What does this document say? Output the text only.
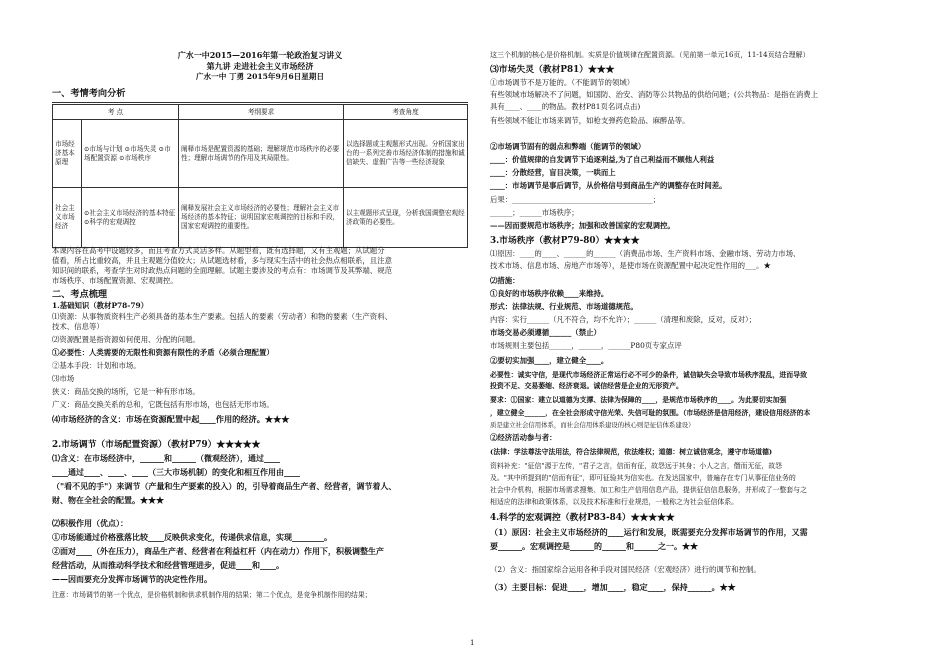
广水一中2015—2016年第一轮政治复习讲义
第九讲 走进社会主义市场经济
广水一中 丁勇 2015年9月6日星期日
一、考情考向分析
考 点		考纲要求	考查角度
市场经济基本原理	⊙市场与计划 ⊙市场失灵 ⊙市场配置资源 ⊙市场秩序	阐释市场是配置资源的基础；理解规范市场秩序的必要性；理解市场调节的作用及其局限性。	以选择题或主观题形式出现。分析国家出台的一系列完善市场经济体制的措施和诚信缺失、虚假广告等一些经济现象
社会主义市场经济	⊙社会主义市场经济的基本特征 ⊙科学的宏观调控	阐释发展社会主义市场经济的必要性；理解社会主义市场经济的基本特征；说明国家宏观调控的目标和手段，国家宏观调控的重要性。	以主观题形式呈现，分析我国调整宏观经济政策的必要性。
本课内容在高考中设题较多，而且考查方式灵活多样。从题型看，既有选择题，又有主观题；从试题分
值看，所占比重较高，并且主观题分值较大；从试题选材看，多与现实生活中的社会热点相联系，且注意
知识间的联系，考查学生对时政热点问题的全面理解。试题主要涉及的考点有：市场调节及其弊端、规范
市场秩序、市场配置资源、宏观调控。
二、考点梳理
1.基础知识（教材P78-79）
⑴资源：从事物质资料生产必须具备的基本生产要素。包括人的要素（劳动者）和物的要素（生产资料、
技术、信息等）
⑵资源配置是指资源如何使用、分配的问题。
①必要性：人类需要的无限性和资源有限性的矛盾（必须合理配置）
②基本手段：计划和市场。
⑶市场
狭义：商品交换的场所，它是一种有形市场。
广义：商品交换关系的总和，它既包括有形市场，也包括无形市场。
⑷市场经济的含义：市场在资源配置中起____作用的经济。★★★
2.市场调节（市场配置资源）（教材P79）★★★★★
⑴含义：在市场经济中，______和______（微观经济），通过____
____通过____、____、____（三大市场机制）的变化和相互作用由____
（"看不见的手"）来调节（产量和生产要素的投入）的，引导着商品生产者、经营者，调节着人、
财、物在全社会的配置。★★★
⑵积极作用（优点）：
①市场能通过价格涨落比较____反映供求变化，传递供求信息，实现________。
②面对____（外在压力），商品生产者、经营者在利益杠杆（内在动力）作用下，积极调整生产
经营活动，从而推动科学技术和经营管理进步，促进____和____。
——因而要充分发挥市场调节的决定性作用。
注意：市场调节的第一个优点，是价格机制和供求机制作用的结果；第二个优点，是竞争机制作用的结果；
这三个机制的核心是价格机制。实质是价值规律在配置资源。（见前第一单元16页，11-14页结合理解）
⑶市场失灵（教材P81）★★★
①市场调节不是万能的。（不能调节的领域）
有些领域市场解决不了问题，如国防、治安、消防等公共物品的供给问题；(公共物品：是指在消费上
具有____、____的物品。教材P81页名词点击)
有些领域不能让市场来调节，如枪支弹药危险品、麻醉品等。
②市场调节固有的弱点和弊端（能调节的领域）
____：价值规律的自发调节下追逐利益,为了自己利益而不顾他人利益
____：分散经营，盲目决策，一哄而上
____：市场调节是事后调节，从价格信号到商品生产的调整存在时间差。
后果：______________________________________；
______；______市场秩序；
——因而要规范市场秩序；加强和改善国家的宏观调控。
3.市场秩序（教材P79-80）★★★★
⑴原因：____的____、______的______（消费品市场、生产资料市场、金融市场、劳动力市场、
技术市场、信息市场、房地产市场等），是使市场在资源配置中起决定性作用的___。★
⑵措施：
①良好的市场秩序依赖____来维持。
形式：法律法规、行业规范、市场道德规范。
内容：实行______（凡不符合，均不允许）；______（清理和废除，反对，反对）；
市场交易必须遵循______（禁止）
市场规则主要包括______，______，______P80页专家点评
②要切实加强____，建立健全____。
必要性：诚实守信，是现代市场经济正常运行必不可少的条件，诚信缺失会导致市场秩序混乱，进而导致
投资不足、交易萎缩、经济衰退。诚信经营是企业的无形资产。
要求：①国家：建立以道德为支撑、法律为保障的____，是规范市场秩序的____。为此要切实加强
，建立健全______，在全社会形成守信光荣、失信可耻的氛围。（市场经济是信用经济，建设信用经济的本
质是建立社会信用体系，而社会信用体系建设的核心则是征信体系建设）
②经济活动参与者：
(法律：学法尊法守法用法，符合法律规范，依法维权；道德：树立诚信观念，遵守市场道德)
资料补充："征信"源于左传，"君子之言，信而有征，故怨远于其身；小人之言，僭而无征，故怨
及。"其中所提到的"信而有征"，即可征验其为信实也。在发达国家中，普遍存在专门从事征信业务的
社会中介机构，根据市场需求搜集、加工和生产信用信息产品，提供征信信息服务，并形成了一整套与之
相适应的法律和政策体系，以及技术标准和行业规范，一般称之为社会征信体系。
4.科学的宏观调控（教材P83-84）★★★★★
（1）原因：社会主义市场经济的____运行和发展，既需要充分发挥市场调节的作用，又需
要______。宏观调控是______的______和______之一。★★
（2）含义：指国家综合运用各种手段对国民经济（宏观经济）进行的调节和控制。
（3）主要目标：促进____，增加____，稳定____，保持______。★★
1
